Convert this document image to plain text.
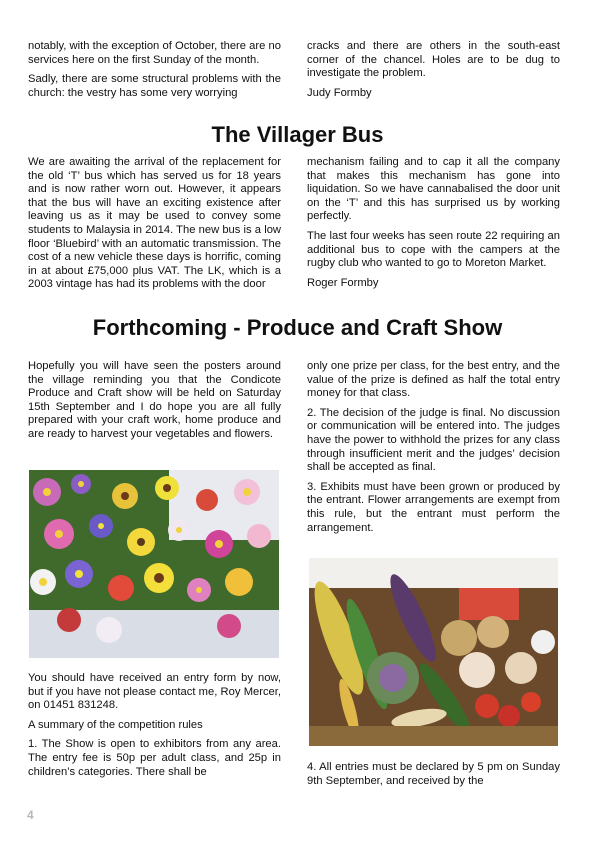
notably, with the exception of October, there are no services here on the first Sunday of the month.

Sadly, there are some structural problems with the church: the vestry has some very worrying

cracks and there are others in the south-east corner of the chancel. Holes are to be dug to investigate the problem.

Judy Formby

The Villager Bus

We are awaiting the arrival of the replacement for the old ‘T’ bus which has served us for 18 years and is now rather worn out. However, it appears that the bus will have an exciting existence after leaving us as it may be used to convey some students to Malaysia in 2014. The new bus is a low floor ‘Bluebird’ with an automatic transmission. The cost of a new vehicle these days is horrific, coming in at about £75,000 plus VAT. The LK, which is a 2003 vintage has had its problems with the door

mechanism failing and to cap it all the company that makes this mechanism has gone into liquidation. So we have cannabalised the door unit on the ‘T’ and this has surprised us by working perfectly.

The last four weeks has seen route 22 requiring an additional bus to cope with the campers at the rugby club who wanted to go to Moreton Market.

Roger Formby

Forthcoming - Produce and Craft Show

Hopefully you will have seen the posters around the village reminding you that the Condicote Produce and Craft show will be held on Saturday 15th September and I do hope you are all fully prepared with your craft work, home produce and are ready to harvest your vegetables and flowers.

You should have received an entry form by now, but if you have not please contact me, Roy Mercer, on 01451 831248.

A summary of the competition rules

1. The Show is open to exhibitors from any area. The entry fee is 50p per adult class, and 25p in children’s categories. There shall be

only one prize per class, for the best entry, and the value of the prize is defined as half the total entry money for that class.

2. The decision of the judge is final. No discussion or communication will be entered into. The judges have the power to withhold the prizes for any class through insufficient merit and the judges’ decision shall be accepted as final.

3. Exhibits must have been grown or produced by the entrant. Flower arrangements are exempt from this rule, but the entrant must perform the arrangement.

4. All entries must be declared by 5 pm on Sunday 9th September, and received by the

4
